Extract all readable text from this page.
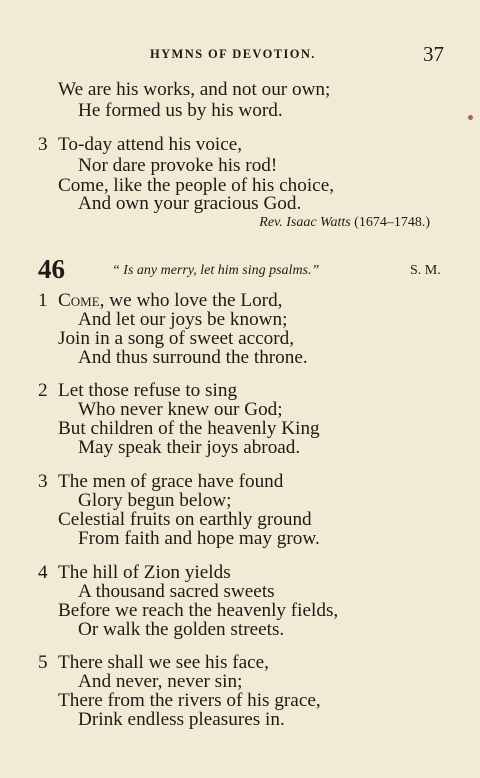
HYMNS OF DEVOTION.	37
We are his works, and not our own;
He formed us by his word.
3 To-day attend his voice,
Nor dare provoke his rod!
Come, like the people of his choice,
And own your gracious God.
Rev. Isaac Watts (1674–1748.)
46	“ Is any merry, let him sing psalms.”	S. M.
1 Come, we who love the Lord,
And let our joys be known;
Join in a song of sweet accord,
And thus surround the throne.
2 Let those refuse to sing
Who never knew our God;
But children of the heavenly King
May speak their joys abroad.
3 The men of grace have found
Glory begun below;
Celestial fruits on earthly ground
From faith and hope may grow.
4 The hill of Zion yields
A thousand sacred sweets
Before we reach the heavenly fields,
Or walk the golden streets.
5 There shall we see his face,
And never, never sin;
There from the rivers of his grace,
Drink endless pleasures in.
